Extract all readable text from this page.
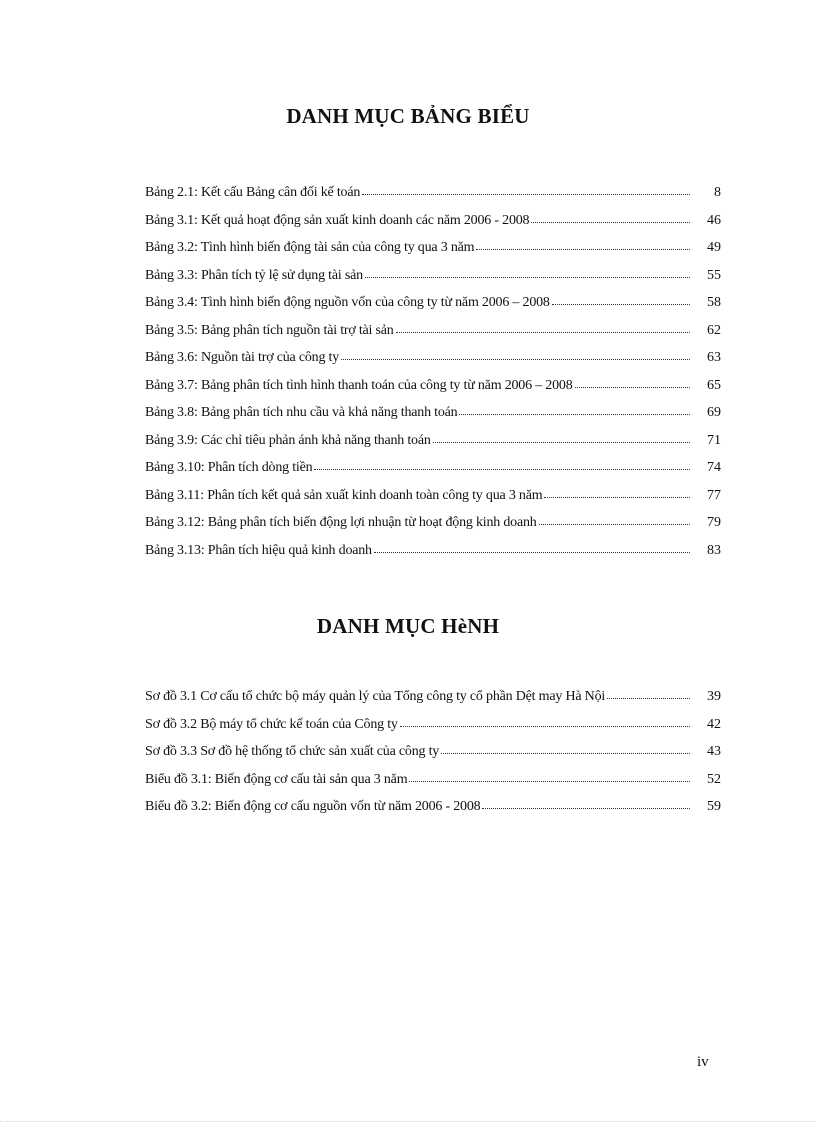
DANH MỤC BẢNG BIỂU
Bảng 2.1: Kết cấu Bảng cân đối kế toán	8
Bảng 3.1: Kết quả hoạt động sản xuất kinh doanh các năm 2006 - 2008	46
Bảng 3.2: Tình hình biến động tài sản của công ty qua 3 năm	49
Bảng 3.3: Phân tích tỷ lệ sử dụng tài sản	55
Bảng 3.4: Tình hình biến động nguồn vốn của công ty từ năm 2006 – 2008	58
Bảng 3.5: Bảng phân tích nguồn tài trợ tài sản	62
Bảng 3.6: Nguồn tài trợ của công ty	63
Bảng 3.7: Bảng phân tích tình hình thanh toán của công ty từ năm 2006 – 2008	65
Bảng 3.8: Bảng phân tích nhu cầu và khả năng thanh toán	69
Bảng 3.9: Các chỉ tiêu phản ánh khả năng thanh toán	71
Bảng 3.10: Phân tích dòng tiền	74
Bảng 3.11: Phân tích kết quả sản xuất kinh doanh toàn công ty qua 3 năm	77
Bảng 3.12: Bảng phân tích biến động lợi nhuận từ hoạt động kinh doanh	79
Bảng 3.13: Phân tích hiệu quả kinh doanh	83
DANH MỤC HèNH
Sơ đồ 3.1 Cơ cấu tổ chức bộ máy quản lý của Tổng công ty cổ phần Dệt may Hà Nội	39
Sơ đồ 3.2 Bộ máy tổ chức kế toán của Công ty	42
Sơ đồ 3.3 Sơ đồ hệ thống tổ chức sản xuất của công ty	43
Biểu đồ 3.1: Biến động cơ cấu tài sản qua 3 năm	52
Biểu đồ 3.2: Biến động cơ cấu nguồn vốn từ năm 2006 - 2008	59
iv
